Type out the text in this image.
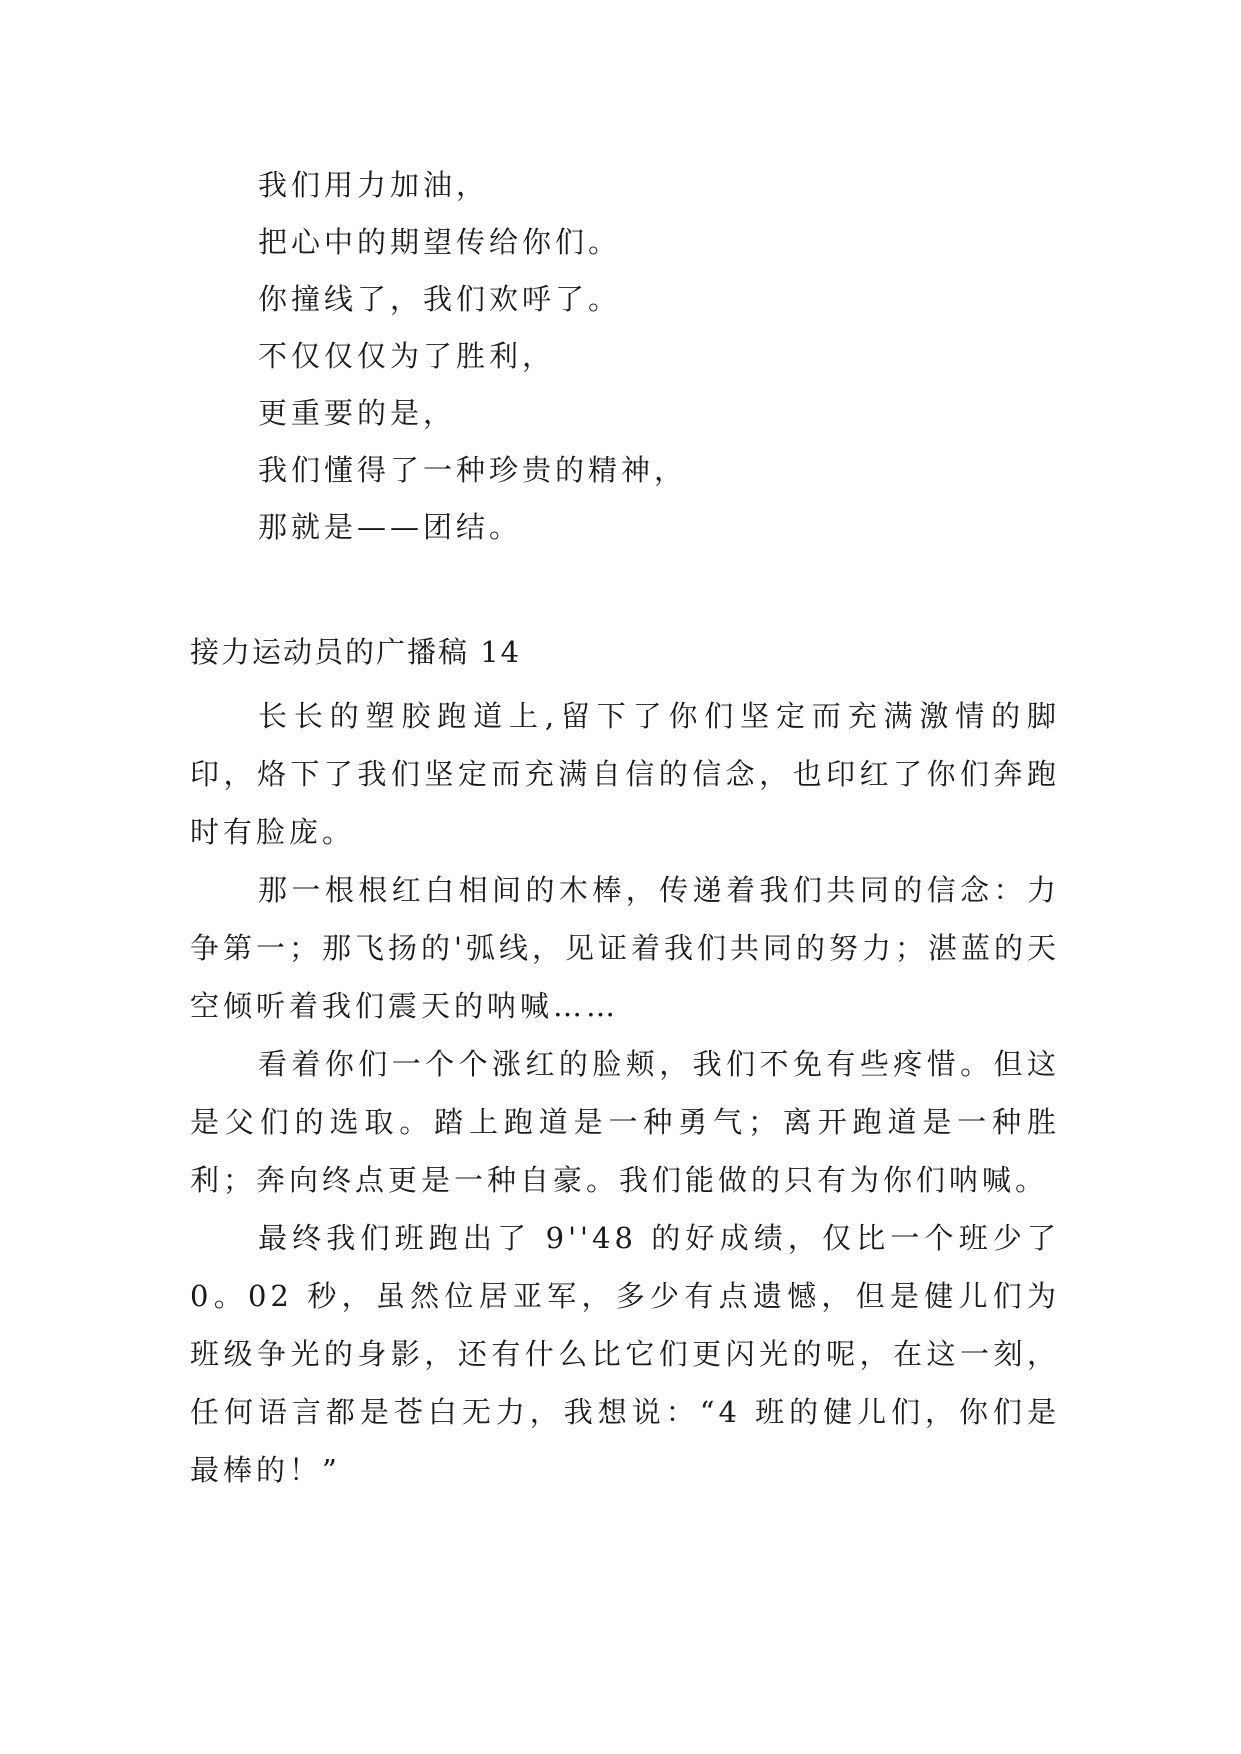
我们用力加油，
把心中的期望传给你们。
你撞线了，我们欢呼了。
不仅仅仅为了胜利，
更重要的是，
我们懂得了一种珍贵的精神，
那就是——团结。
接力运动员的广播稿 14
长长的塑胶跑道上,留下了你们坚定而充满激情的脚印，烙下了我们坚定而充满自信的信念，也印红了你们奔跑时有脸庞。
那一根根红白相间的木棒，传递着我们共同的信念：力争第一；那飞扬的'弧线，见证着我们共同的努力；湛蓝的天空倾听着我们震天的呐喊……
看着你们一个个涨红的脸颊，我们不免有些疼惜。但这是父们的选取。踏上跑道是一种勇气；离开跑道是一种胜利；奔向终点更是一种自豪。我们能做的只有为你们呐喊。
最终我们班跑出了 9''48 的好成绩，仅比一个班少了 0。02 秒，虽然位居亚军，多少有点遗憾，但是健儿们为班级争光的身影，还有什么比它们更闪光的呢，在这一刻，任何语言都是苍白无力，我想说：“4 班的健儿们，你们是最棒的！”
